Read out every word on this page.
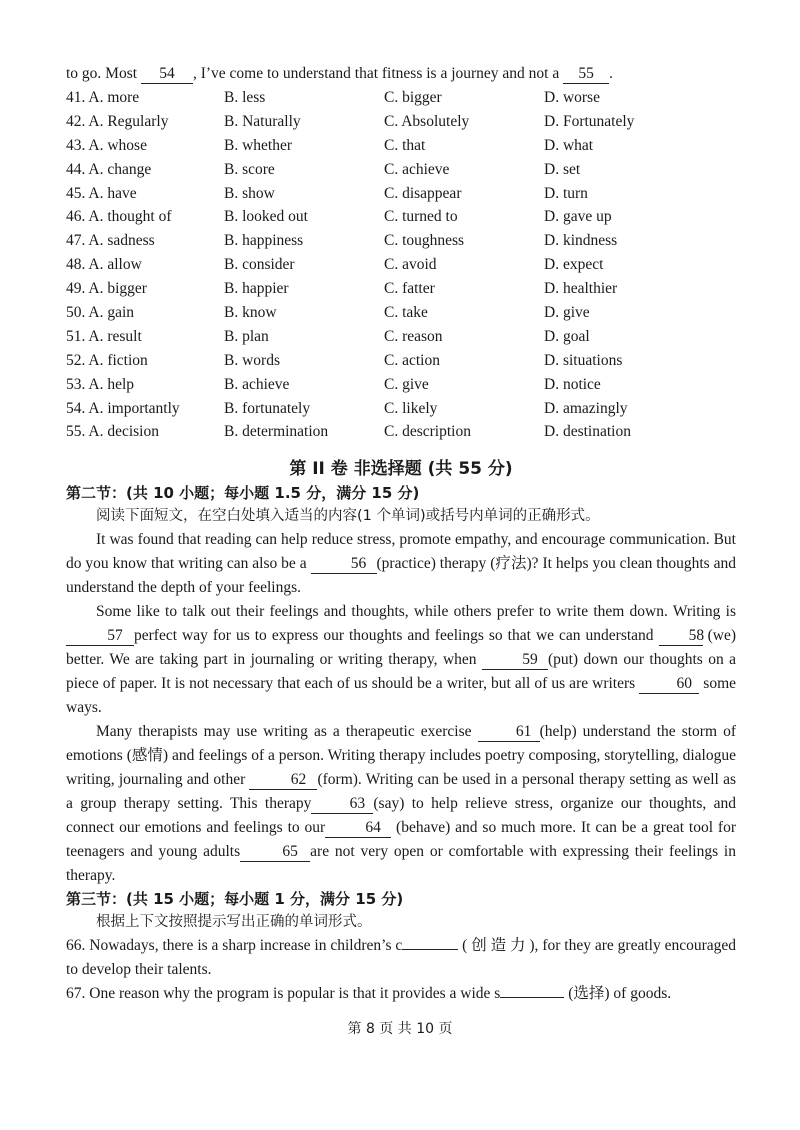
to go. Most 54 , I’ve come to understand that fitness is a journey and not a 55 .
41. A. more	B. less	C. bigger	D. worse
42. A. Regularly	B. Naturally	C. Absolutely	D. Fortunately
43. A. whose	B. whether	C. that	D. what
44. A. change	B. score	C. achieve	D. set
45. A. have	B. show	C. disappear	D. turn
46. A. thought of	B. looked out	C. turned to	D. gave up
47. A. sadness	B. happiness	C. toughness	D. kindness
48. A. allow	B. consider	C. avoid	D. expect
49. A. bigger	B. happier	C. fatter	D. healthier
50. A. gain	B. know	C. take	D. give
51. A. result	B. plan	C. reason	D. goal
52. A. fiction	B. words	C. action	D. situations
53. A. help	B. achieve	C. give	D. notice
54. A. importantly	B. fortunately	C. likely	D. amazingly
55. A. decision	B. determination	C. description	D. destination
第 II 卷 非选择题 (共 55 分)
第二节：(共 10 小题；每小题 1.5 分，满分 15 分)
阅读下面短文，在空白处填入适当的内容(1 个单词)或括号内单词的正确形式。
It was found that reading can help reduce stress, promote empathy, and encourage communication. But do you know that writing can also be a	56 (practice) therapy (疗法)? It helps you clean thoughts and understand the depth of your feelings.
Some like to talk out their feelings and thoughts, while others prefer to write them down. Writing is 57 perfect way for us to express our thoughts and feelings so that we can understand 58 (we) better. We are taking part in journaling or writing therapy, when	59 (put) down our thoughts on a piece of paper. It is not necessary that each of us should be a writer, but all of us are writers 60 some ways.
Many therapists may use writing as a therapeutic exercise 61 (help) understand the storm of emotions (感情) and feelings of a person. Writing therapy includes poetry composing, storytelling, dialogue writing, journaling and other	62 (form). Writing can be used in a personal therapy setting as well as a group therapy setting. This therapy 63 (say) to help relieve stress, organize our thoughts, and connect our emotions and feelings to our	64 (behave) and so much more. It can be a great tool for teenagers and young adults	65 are not very open or comfortable with expressing their feelings in therapy.
第三节：(共 15 小题；每小题 1 分，满分 15 分)
根据上下文按照提示写出正确的单词形式。
66. Nowadays, there is a sharp increase in children’s c	( 创 造 力 ), for they are greatly encouraged to develop their talents.
67. One reason why the program is popular is that it provides a wide s	(选择) of goods.
第 8 页 共 10 页
